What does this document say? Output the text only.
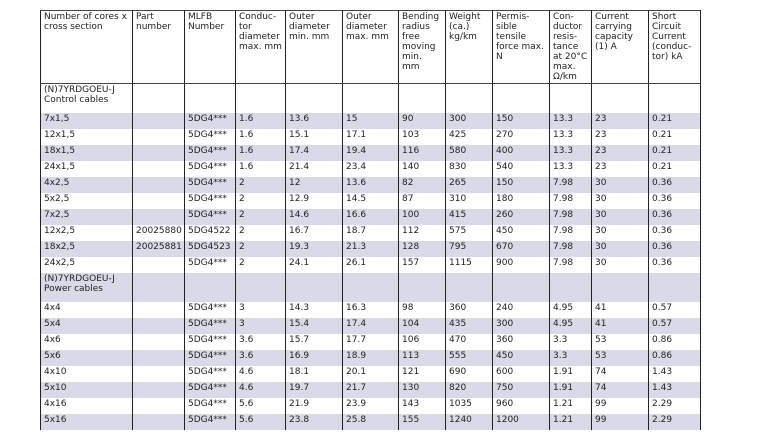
Number of cores x cross section	Part number	MLFB Number	Conduc-tor diameter max. mm	Outer diameter min. mm	Outer diameter max. mm	Bending radius free moving min. mm	Weight (ca.) kg/km	Permis-sible tensile force max. N	Con-ductor resis-tance at 20°C max. Ω/km	Current carrying capacity (1) A	Short Circuit Current (conduc-tor) kA
(N)7YRDGOEU-J Control cables											
7x1,5		5DG4***	1.6	13.6	15	90	300	150	13.3	23	0.21
12x1,5		5DG4***	1.6	15.1	17.1	103	425	270	13.3	23	0.21
18x1,5		5DG4***	1.6	17.4	19.4	116	580	400	13.3	23	0.21
24x1,5		5DG4***	1.6	21.4	23.4	140	830	540	13.3	23	0.21
4x2,5		5DG4***	2	12	13.6	82	265	150	7.98	30	0.36
5x2,5		5DG4***	2	12.9	14.5	87	310	180	7.98	30	0.36
7x2,5		5DG4***	2	14.6	16.6	100	415	260	7.98	30	0.36
12x2,5	20025880	5DG4522	2	16.7	18.7	112	575	450	7.98	30	0.36
18x2,5	20025881	5DG4523	2	19.3	21.3	128	795	670	7.98	30	0.36
24x2,5		5DG4***	2	24.1	26.1	157	1115	900	7.98	30	0.36
(N)7YRDGOEU-J Power cables											
4x4		5DG4***	3	14.3	16.3	98	360	240	4.95	41	0.57
5x4		5DG4***	3	15.4	17.4	104	435	300	4.95	41	0.57
4x6		5DG4***	3.6	15.7	17.7	106	470	360	3.3	53	0.86
5x6		5DG4***	3.6	16.9	18.9	113	555	450	3.3	53	0.86
4x10		5DG4***	4.6	18.1	20.1	121	690	600	1.91	74	1.43
5x10		5DG4***	4.6	19.7	21.7	130	820	750	1.91	74	1.43
4x16		5DG4***	5.6	21.9	23.9	143	1035	960	1.21	99	2.29
5x16		5DG4***	5.6	23.8	25.8	155	1240	1200	1.21	99	2.29
